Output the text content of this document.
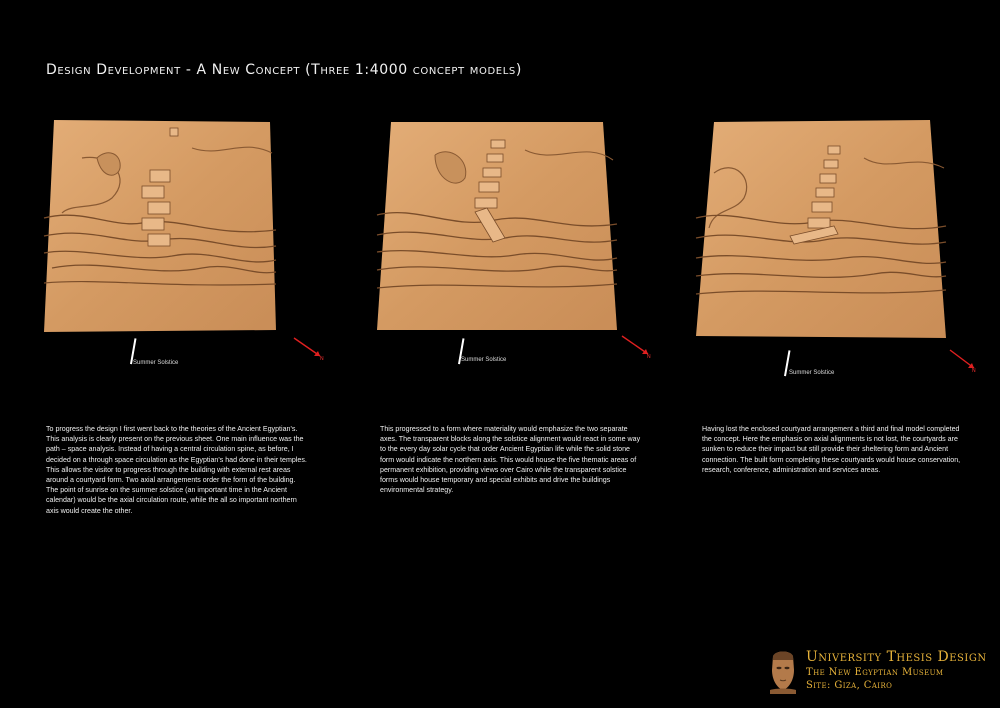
Design Development - A New Concept (Three 1:4000 concept models)
Summer Solstice
N
To progress the design I first went back to the theories of the Ancient Egyptian's. This analysis is clearly present on the previous sheet. One main influence was the path – space analysis. Instead of having a central circulation spine, as before, I decided on a through space circulation as the Egyptian's had done in their temples. This allows the visitor to progress through the building with external rest areas around a courtyard form. Two axial arrangements order the form of the building. The point of sunrise on the summer solstice (an important time in the Ancient calendar) would be the axial circulation route, while the all so important northern axis would create the other.
Summer Solstice	N
This progressed to a form where materiality would emphasize the two separate axes. The transparent blocks along the solstice alignment would react in some way to the every day solar cycle that order Ancient Egyptian life while the solid stone form would indicate the northern axis. This would house the five thematic areas of permanent exhibition, providing views over Cairo while the transparent solstice forms would house temporary and special exhibits and drive the buildings environmental strategy.
Summer Solstice	N
Having lost the enclosed courtyard arrangement a third and final model completed the concept. Here the emphasis on axial alignments is not lost, the courtyards are sunken to reduce their impact but still provide their sheltering form and Ancient connection. The built form completing these courtyards would house conservation, research, conference, administration and services areas.
University Thesis Design
The New Egyptian Museum
Site: Giza, Cairo
